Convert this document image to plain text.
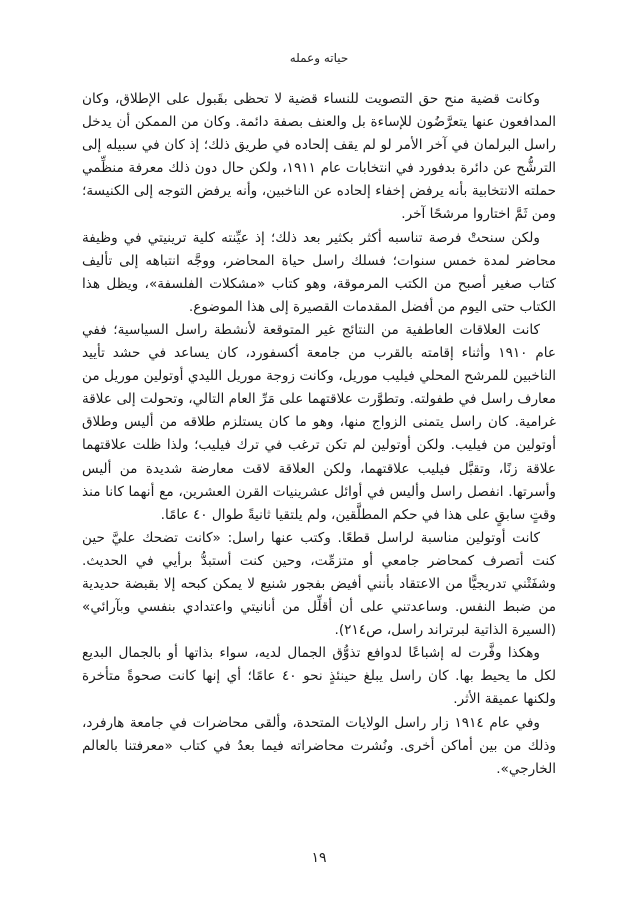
حياته وعمله

وكانت قضية منح حق التصويت للنساء قضية لا تحظى بقَبول على الإطلاق، وكان المدافعون عنها يتعرَّضُون للإساءة بل والعنف بصفة دائمة. وكان من الممكن أن يدخل راسل البرلمان في آخر الأمر لو لم يقف إلحاده في طريق ذلك؛ إذ كان في سبيله إلى الترشُّح عن دائرة بدفورد في انتخابات عام ١٩١١، ولكن حال دون ذلك معرفة منظِّمي حملته الانتخابية بأنه يرفض إخفاء إلحاده عن الناخبين، وأنه يرفض التوجه إلى الكنيسة؛ ومن ثَمَّ اختاروا مرشحًا آخر.

ولكن سنحتْ فرصة تناسبه أكثر بكثير بعد ذلك؛ إذ عيِّنته كلية ترينيتي في وظيفة محاضر لمدة خمس سنوات؛ فسلك راسل حياة المحاضر، ووجَّه انتباهه إلى تأليف كتاب صغير أصبح من الكتب المرموقة، وهو كتاب «مشكلات الفلسفة»، ويظل هذا الكتاب حتى اليوم من أفضل المقدمات القصيرة إلى هذا الموضوع.

كانت العلاقات العاطفية من النتائج غير المتوقعة لأنشطة راسل السياسية؛ ففي عام ١٩١٠ وأثناء إقامته بالقرب من جامعة أكسفورد، كان يساعد في حشد تأييد الناخبين للمرشح المحلي فيليب موريل، وكانت زوجة موريل الليدي أوتولين موريل من معارف راسل في طفولته. وتطوَّرت علاقتهما على مَرِّ العام التالي، وتحولت إلى علاقة غرامية. كان راسل يتمنى الزواج منها، وهو ما كان يستلزم طلاقه من أليس وطلاق أوتولين من فيليب. ولكن أوتولين لم تكن ترغب في ترك فيليب؛ ولذا ظلت علاقتهما علاقة زنًا، وتقبَّل فيليب علاقتهما، ولكن العلاقة لاقت معارضة شديدة من أليس وأسرتها. انفصل راسل وأليس في أوائل عشرينيات القرن العشرين، مع أنهما كانا منذ وقتٍ سابقٍ على هذا في حكم المطلَّقين، ولم يلتقيا ثانيةً طوال ٤٠ عامًا.

كانت أوتولين مناسبة لراسل قطعًا. وكتب عنها راسل: «كانت تضحك عليَّ حين كنت أتصرف كمحاضر جامعي أو متزمِّت، وحين كنت أستبدُّ برأيي في الحديث. وشفَتْني تدريجيًّا من الاعتقاد بأنني أفيض بفجور شنيع لا يمكن كبحه إلا بقبضة حديدية من ضبط النفس. وساعدتني على أن أقلِّل من أنانيتي واعتدادي بنفسي وبآرائي» (السيرة الذاتية لبرتراند راسل، ص٢١٤).

وهكذا وفَّرت له إشباعًا لدوافع تذوُّق الجمال لديه، سواء بذاتها أو بالجمال البديع لكل ما يحيط بها. كان راسل يبلغ حينئذٍ نحو ٤٠ عامًا؛ أي إنها كانت صحوةً متأخرة ولكنها عميقة الأثر.

وفي عام ١٩١٤ زار راسل الولايات المتحدة، وألقى محاضرات في جامعة هارفرد، وذلك من بين أماكن أخرى. ونُشرت محاضراته فيما بعدُ في كتاب «معرفتنا بالعالم الخارجي».

١٩
